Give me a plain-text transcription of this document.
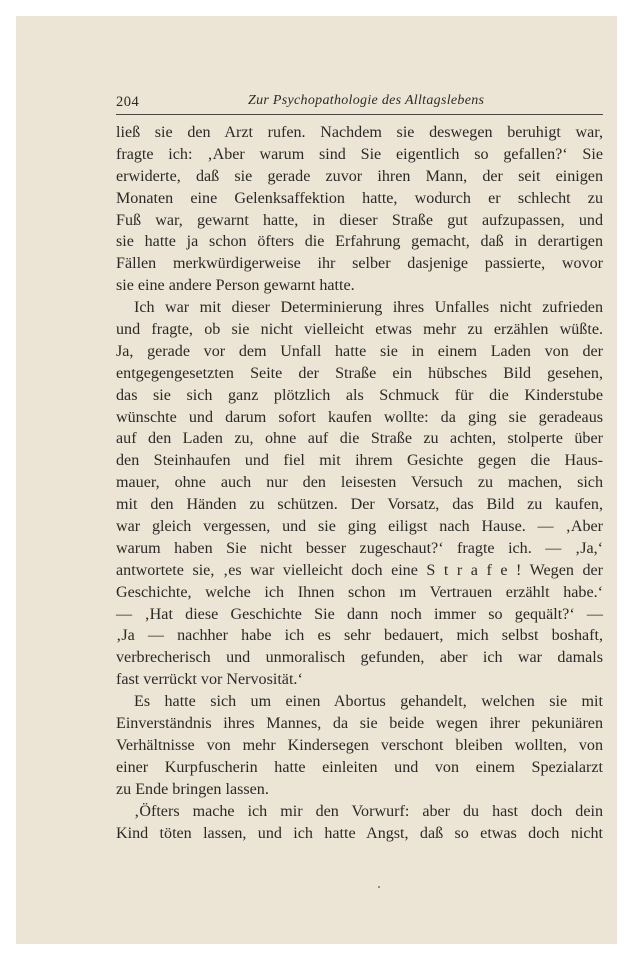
204	Zur Psychopathologie des Alltagslebens
ließ sie den Arzt rufen. Nachdem sie deswegen beruhigt war,
fragte ich: ‚Aber warum sind Sie eigentlich so gefallen?‘ Sie
erwiderte, daß sie gerade zuvor ihren Mann, der seit einigen
Monaten eine Gelenksaffektion hatte, wodurch er schlecht zu
Fuß war, gewarnt hatte, in dieser Straße gut aufzupassen, und
sie hatte ja schon öfters die Erfahrung gemacht, daß in derartigen
Fällen merkwürdigerweise ihr selber dasjenige passierte, wovor
sie eine andere Person gewarnt hatte.
Ich war mit dieser Determinierung ihres Unfalles nicht zufrieden
und fragte, ob sie nicht vielleicht etwas mehr zu erzählen wüßte.
Ja, gerade vor dem Unfall hatte sie in einem Laden von der
entgegengesetzten Seite der Straße ein hübsches Bild gesehen,
das sie sich ganz plötzlich als Schmuck für die Kinderstube
wünschte und darum sofort kaufen wollte: da ging sie geradeaus
auf den Laden zu, ohne auf die Straße zu achten, stolperte über
den Steinhaufen und fiel mit ihrem Gesichte gegen die Haus-
mauer, ohne auch nur den leisesten Versuch zu machen, sich
mit den Händen zu schützen. Der Vorsatz, das Bild zu kaufen,
war gleich vergessen, und sie ging eiligst nach Hause. — ‚Aber
warum haben Sie nicht besser zugeschaut?‘ fragte ich. — ‚Ja,‘
antwortete sie, ‚es war vielleicht doch eine S t r a f e ! Wegen der
Geschichte, welche ich Ihnen schon ım Vertrauen erzählt habe.‘
— ‚Hat diese Geschichte Sie dann noch immer so gequält?‘ —
‚Ja — nachher habe ich es sehr bedauert, mich selbst boshaft,
verbrecherisch und unmoralisch gefunden, aber ich war damals
fast verrückt vor Nervosität.‘
Es hatte sich um einen Abortus gehandelt, welchen sie mit
Einverständnis ihres Mannes, da sie beide wegen ihrer pekuniären
Verhältnisse von mehr Kindersegen verschont bleiben wollten, von
einer Kurpfuscherin hatte einleiten und von einem Spezialarzt
zu Ende bringen lassen.
‚Öfters mache ich mir den Vorwurf: aber du hast doch dein
Kind töten lassen, und ich hatte Angst, daß so etwas doch nicht
